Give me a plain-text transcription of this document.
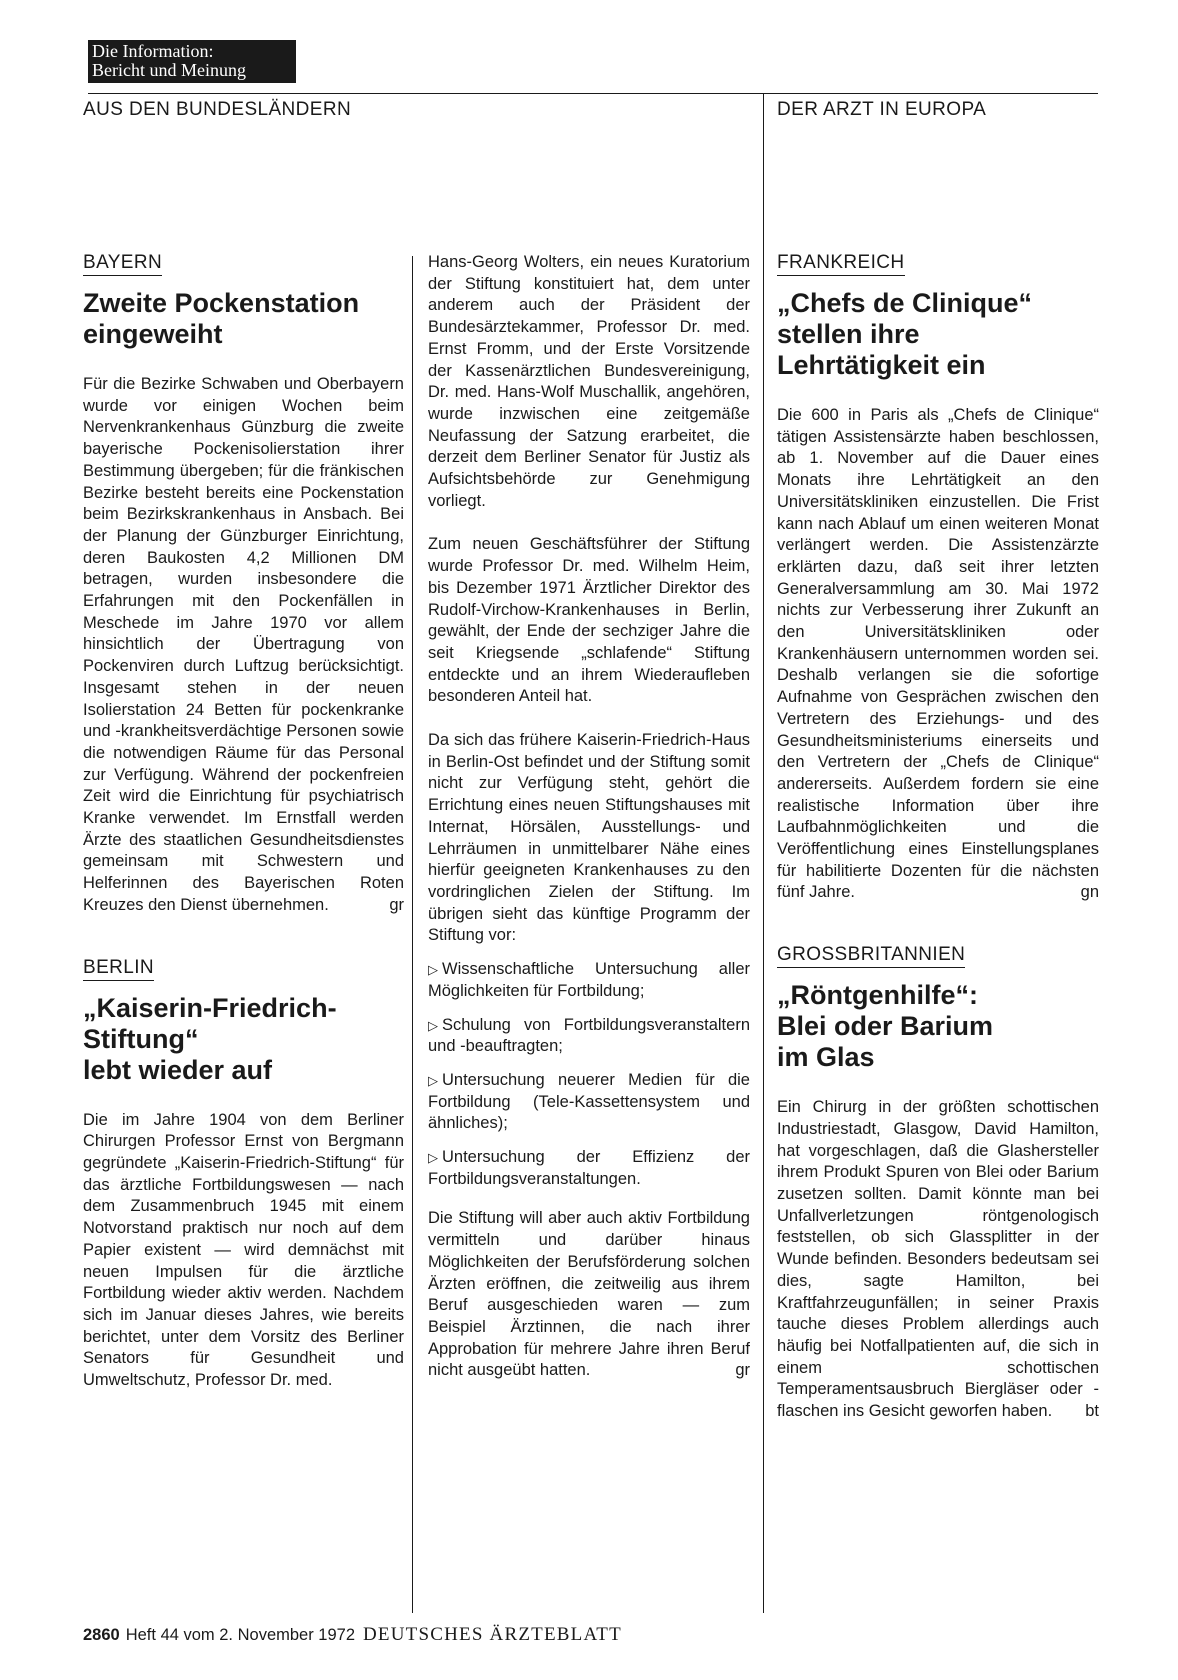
Die Information:
Bericht und Meinung
AUS DEN BUNDESLÄNDERN	DER ARZT IN EUROPA
BAYERN
Zweite Pockenstation
eingeweiht

Für die Bezirke Schwaben und Oberbayern wurde vor einigen Wochen beim Nervenkrankenhaus Günzburg die zweite bayerische Pockenisolierstation ihrer Bestimmung übergeben; für die fränkischen Bezirke besteht bereits eine Pockenstation beim Bezirkskrankenhaus in Ansbach. Bei der Planung der Günzburger Einrichtung, deren Baukosten 4,2 Millionen DM betragen, wurden insbesondere die Erfahrungen mit den Pockenfällen in Meschede im Jahre 1970 vor allem hinsichtlich der Übertragung von Pockenviren durch Luftzug berücksichtigt. Insgesamt stehen in der neuen Isolierstation 24 Betten für pockenkranke und -krankheitsverdächtige Personen sowie die notwendigen Räume für das Personal zur Verfügung. Während der pockenfreien Zeit wird die Einrichtung für psychiatrisch Kranke verwendet. Im Ernstfall werden Ärzte des staatlichen Gesundheitsdienstes gemeinsam mit Schwestern und Helferinnen des Bayerischen Roten Kreuzes den Dienst übernehmen.	gr

BERLIN
„Kaiserin-Friedrich-
Stiftung“
lebt wieder auf

Die im Jahre 1904 von dem Berliner Chirurgen Professor Ernst von Bergmann gegründete „Kaiserin-Friedrich-Stiftung“ für das ärztliche Fortbildungswesen — nach dem Zusammenbruch 1945 mit einem Notvorstand praktisch nur noch auf dem Papier existent — wird demnächst mit neuen Impulsen für die ärztliche Fortbildung wieder aktiv werden. Nachdem sich im Januar dieses Jahres, wie bereits berichtet, unter dem Vorsitz des Berliner Senators für Gesundheit und Umweltschutz, Professor Dr. med.

Hans-Georg Wolters, ein neues Kuratorium der Stiftung konstituiert hat, dem unter anderem auch der Präsident der Bundesärztekammer, Professor Dr. med. Ernst Fromm, und der Erste Vorsitzende der Kassenärztlichen Bundesvereinigung, Dr. med. Hans-Wolf Muschallik, angehören, wurde inzwischen eine zeitgemäße Neufassung der Satzung erarbeitet, die derzeit dem Berliner Senator für Justiz als Aufsichtsbehörde zur Genehmigung vorliegt.

Zum neuen Geschäftsführer der Stiftung wurde Professor Dr. med. Wilhelm Heim, bis Dezember 1971 Ärztlicher Direktor des Rudolf-Virchow-Krankenhauses in Berlin, gewählt, der Ende der sechziger Jahre die seit Kriegsende „schlafende“ Stiftung entdeckte und an ihrem Wiederaufleben besonderen Anteil hat.

Da sich das frühere Kaiserin-Friedrich-Haus in Berlin-Ost befindet und der Stiftung somit nicht zur Verfügung steht, gehört die Errichtung eines neuen Stiftungshauses mit Internat, Hörsälen, Ausstellungs- und Lehrräumen in unmittelbarer Nähe eines hierfür geeigneten Krankenhauses zu den vordringlichen Zielen der Stiftung. Im übrigen sieht das künftige Programm der Stiftung vor:

▷ Wissenschaftliche Untersuchung aller Möglichkeiten für Fortbildung;

▷ Schulung von Fortbildungsveranstaltern und -beauftragten;

▷ Untersuchung neuerer Medien für die Fortbildung (Tele-Kassettensystem und ähnliches);

▷ Untersuchung der Effizienz der Fortbildungsveranstaltungen.

Die Stiftung will aber auch aktiv Fortbildung vermitteln und darüber hinaus Möglichkeiten der Berufsförderung solchen Ärzten eröffnen, die zeitweilig aus ihrem Beruf ausgeschieden waren — zum Beispiel Ärztinnen, die nach ihrer Approbation für mehrere Jahre ihren Beruf nicht ausgeübt hatten.	gr

FRANKREICH
„Chefs de Clinique“
stellen ihre
Lehrtätigkeit ein

Die 600 in Paris als „Chefs de Clinique“ tätigen Assistensärzte haben beschlossen, ab 1. November auf die Dauer eines Monats ihre Lehrtätigkeit an den Universitätskliniken einzustellen. Die Frist kann nach Ablauf um einen weiteren Monat verlängert werden. Die Assistenzärzte erklärten dazu, daß seit ihrer letzten Generalversammlung am 30. Mai 1972 nichts zur Verbesserung ihrer Zukunft an den Universitätskliniken oder Krankenhäusern unternommen worden sei. Deshalb verlangen sie die sofortige Aufnahme von Gesprächen zwischen den Vertretern des Erziehungs- und des Gesundheitsministeriums einerseits und den Vertretern der „Chefs de Clinique“ andererseits. Außerdem fordern sie eine realistische Information über ihre Laufbahnmöglichkeiten und die Veröffentlichung eines Einstellungsplanes für habilitierte Dozenten für die nächsten fünf Jahre.	gn

GROSSBRITANNIEN
„Röntgenhilfe“:
Blei oder Barium
im Glas

Ein Chirurg in der größten schottischen Industriestadt, Glasgow, David Hamilton, hat vorgeschlagen, daß die Glashersteller ihrem Produkt Spuren von Blei oder Barium zusetzen sollten. Damit könnte man bei Unfallverletzungen röntgenologisch feststellen, ob sich Glassplitter in der Wunde befinden. Besonders bedeutsam sei dies, sagte Hamilton, bei Kraftfahrzeugunfällen; in seiner Praxis tauche dieses Problem allerdings auch häufig bei Notfallpatienten auf, die sich in einem schottischen Temperamentsausbruch Biergläser oder -flaschen ins Gesicht geworfen haben.	bt

2860 Heft 44 vom 2. November 1972 DEUTSCHES ÄRZTEBLATT
